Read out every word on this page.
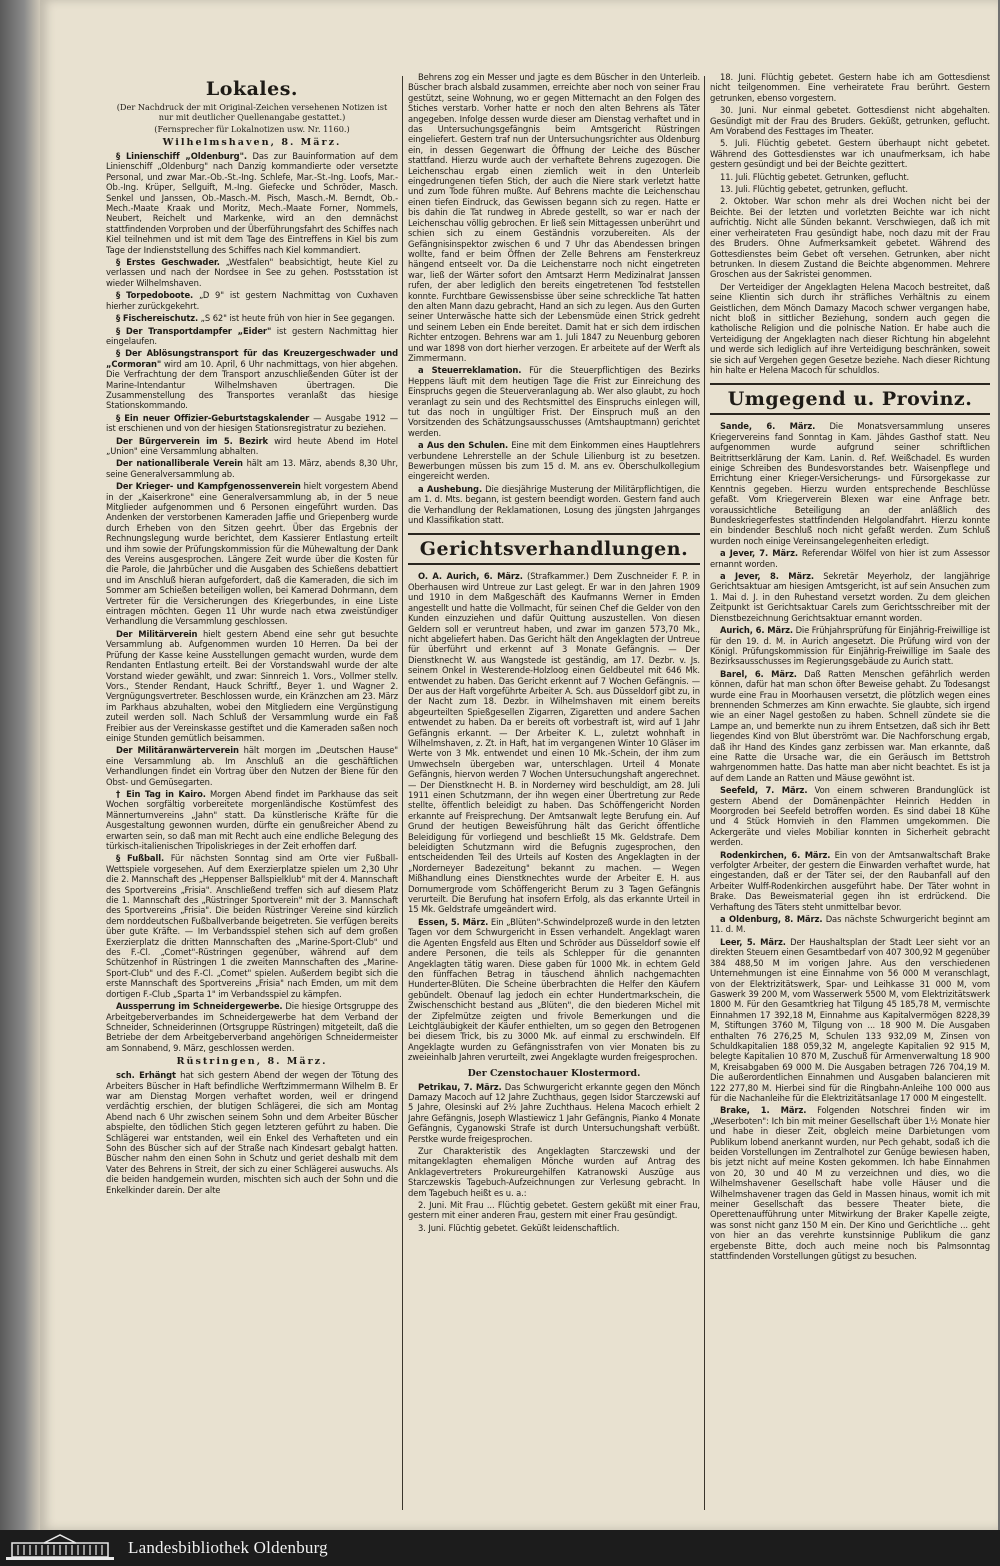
Lokales.
(Der Nachdruck der mit Original-Zeichen versehenen Notizen ist nur mit deutlicher Quellenangabe gestattet.)
(Fernsprecher für Lokalnotizen usw. Nr. 1160.)
Wilhelmshaven, 8. März.
§ Linienschiff „Oldenburg". Das zur Bauinformation auf dem Linienschiff „Oldenburg" nach Danzig kommandierte oder versetzte Personal, und zwar Mar.-Ob.-St.-Ing. Schlefe, Mar.-St.-Ing. Loofs, Mar.-Ob.-Ing. Krüper, Sellguift, M.-Ing. Giefecke und Schröder, Masch. Senkel und Janssen, Ob.-Masch.-M. Pisch, Masch.-M. Berndt, Ob.-Mech.-Maate Kraak und Moritz, Mech.-Maate Forner, Nommels, Neubert, Reichelt und Markenke, wird an den demnächst stattfindenden Vorproben und der Überführungsfahrt des Schiffes nach Kiel teilnehmen und ist mit dem Tage des Eintreffens in Kiel bis zum Tage der Indienststellung des Schiffes nach Kiel kommandiert.
§ Erstes Geschwader. „Westfalen" beabsichtigt, heute Kiel zu verlassen und nach der Nordsee in See zu gehen. Postsstation ist wieder Wilhelmshaven.
§ Torpedoboote. „D 9" ist gestern Nachmittag von Cuxhaven hierher zurückgekehrt.
§ Fischereischutz. „S 62" ist heute früh von hier in See gegangen.
§ Der Transportdampfer „Eider" ist gestern Nachmittag hier eingelaufen.
§ Der Ablösungstransport für das Kreuzergeschwader und „Cormoran" wird am 10. April, 6 Uhr nachmittags, von hier abgehen. Die Verfrachtung der dem Transport anzuschließenden Güter ist der Marine-Intendantur Wilhelmshaven übertragen. Die Zusammenstellung des Transportes veranlaßt das hiesige Stationskommando.
§ Ein neuer Offizier-Geburtstagskalender — Ausgabe 1912 — ist erschienen und von der hiesigen Stationsregistratur zu beziehen.
Der Bürgerverein im 5. Bezirk wird heute Abend im Hotel „Union" eine Versammlung abhalten.
Der nationalliberale Verein hält am 13. März, abends 8,30 Uhr, seine Generalversammlung ab.
Der Krieger- und Kampfgenossenverein hielt vorgestern Abend in der „Kaiserkrone" eine Generalversammlung ab, in der 5 neue Mitglieder aufgenommen und 6 Personen eingeführt wurden. Das Andenken der verstorbenen Kameraden Jaffie und Griepenberg wurde durch Erheben von den Sitzen geehrt. Über das Ergebnis der Rechnungslegung wurde berichtet, dem Kassierer Entlastung erteilt und ihm sowie der Prüfungskommission für die Mühewaltung der Dank des Vereins ausgesprochen. Längere Zeit wurde über die Kosten für die Parole, die Jahrbücher und die Ausgaben des Schießens debattiert und im Anschluß hieran aufgefordert, daß die Kameraden, die sich im Sommer am Schießen beteiligen wollen, bei Kamerad Dohrmann, dem Vertreter für die Versicherungen des Kriegerbundes, in eine Liste eintragen möchten. Gegen 11 Uhr wurde nach etwa zweistündiger Verhandlung die Versammlung geschlossen.
Der Militärverein hielt gestern Abend eine sehr gut besuchte Versammlung ab. Aufgenommen wurden 10 Herren. Da bei der Prüfung der Kasse keine Ausstellungen gemacht wurden, wurde dem Rendanten Entlastung erteilt. Bei der Vorstandswahl wurde der alte Vorstand wieder gewählt, und zwar: Sinnreich 1. Vors., Vollmer stellv. Vors., Stender Rendant, Hauck Schriftf., Beyer 1. und Wagner 2. Vergnügungsvertreter. Beschlossen wurde, ein Kränzchen am 23. März im Parkhaus abzuhalten, wobei den Mitgliedern eine Vergünstigung zuteil werden soll. Nach Schluß der Versammlung wurde ein Faß Freibier aus der Vereinskasse gestiftet und die Kameraden saßen noch einige Stunden gemütlich beisammen.
Der Militäranwärterverein hält morgen im „Deutschen Hause" eine Versammlung ab. Im Anschluß an die geschäftlichen Verhandlungen findet ein Vortrag über den Nutzen der Biene für den Obst- und Gemüsegarten.
† Ein Tag in Kairo. Morgen Abend findet im Parkhause das seit Wochen sorgfältig vorbereitete morgenländische Kostümfest des Männerturnvereins „Jahn" statt. Da künstlerische Kräfte für die Ausgestaltung gewonnen wurden, dürfte ein genußreicher Abend zu erwarten sein, so daß man mit Recht auch eine endliche Belegung des türkisch-italienischen Tripoliskrieges in der Zeit erhoffen darf.
§ Fußball. Für nächsten Sonntag sind am Orte vier Fußball-Wettspiele vorgesehen. Auf dem Exerzierplatze spielen um 2,30 Uhr die 2. Mannschaft des „Heppenser Ballspielklub" mit der 4. Mannschaft des Sportvereins „Frisia". Anschließend treffen sich auf diesem Platz die 1. Mannschaft des „Rüstringer Sportverein" mit der 3. Mannschaft des Sportvereins „Frisia". Die beiden Rüstringer Vereine sind kürzlich dem norddeutschen Fußballverbande beigetreten. Sie verfügen bereits über gute Kräfte. — Im Verbandsspiel stehen sich auf dem großen Exerzierplatz die dritten Mannschaften des „Marine-Sport-Club" und des F.-Cl. „Comet"-Rüstringen gegenüber, während auf dem Schützenhof in Rüstringen 1 die zweiten Mannschaften des „Marine-Sport-Club" und des F.-Cl. „Comet" spielen. Außerdem begibt sich die erste Mannschaft des Sportvereins „Frisia" nach Emden, um mit dem dortigen F.-Club „Sparta 1" im Verbandsspiel zu kämpfen.
Aussperrung im Schneidergewerbe. Die hiesige Ortsgruppe des Arbeitgeberverbandes im Schneidergewerbe hat dem Verband der Schneider, Schneiderinnen (Ortsgruppe Rüstringen) mitgeteilt, daß die Betriebe der dem Arbeitgeberverband angehörigen Schneidermeister am Sonnabend, 9. März, geschlossen werden.
Rüstringen, 8. März.
sch. Erhängt hat sich gestern Abend der wegen der Tötung des Arbeiters Büscher in Haft befindliche Werftzimmermann Wilhelm B. Er war am Dienstag Morgen verhaftet worden, weil er dringend verdächtig erschien, der blutigen Schlägerei, die sich am Montag Abend nach 6 Uhr zwischen seinem Sohn und dem Arbeiter Büscher abspielte, den tödlichen Stich gegen letzteren geführt zu haben. Die Schlägerei war entstanden, weil ein Enkel des Verhafteten und ein Sohn des Büscher sich auf der Straße nach Kindesart gebalgt hatten. Büscher nahm den einen Sohn in Schutz und geriet deshalb mit dem Vater des Behrens in Streit, der sich zu einer Schlägerei auswuchs. Als die beiden handgemein wurden, mischten sich auch der Sohn und die Enkelkinder darein. Der alte
Behrens zog ein Messer und jagte es dem Büscher in den Unterleib. Büscher brach alsbald zusammen, erreichte aber noch von seiner Frau gestützt, seine Wohnung, wo er gegen Mitternacht an den Folgen des Stiches verstarb. Vorher hatte er noch den alten Behrens als Täter angegeben. Infolge dessen wurde dieser am Dienstag verhaftet und in das Untersuchungsgefängnis beim Amtsgericht Rüstringen eingeliefert. Gestern traf nun der Untersuchungsrichter aus Oldenburg ein, in dessen Gegenwart die Öffnung der Leiche des Büscher stattfand. Hierzu wurde auch der verhaftete Behrens zugezogen. Die Leichenschau ergab einen ziemlich weit in den Unterleib eingedrungenen tiefen Stich, der auch die Niere stark verletzt hatte und zum Tode führen mußte. Auf Behrens machte die Leichenschau einen tiefen Eindruck, das Gewissen begann sich zu regen. Hatte er bis dahin die Tat rundweg in Abrede gestellt, so war er nach der Leichenschau völlig gebrochen. Er ließ sein Mittagessen unberührt und schien sich zu einem Geständnis vorzubereiten. Als der Gefängnisinspektor zwischen 6 und 7 Uhr das Abendessen bringen wollte, fand er beim Öffnen der Zelle Behrens am Fensterkreuz hängend entseelt vor. Da die Leichenstarre noch nicht eingetreten war, ließ der Wärter sofort den Amtsarzt Herrn Medizinalrat Janssen rufen, der aber lediglich den bereits eingetretenen Tod feststellen konnte. Furchtbare Gewissensbisse über seine schreckliche Tat hatten den alten Mann dazu gebracht, Hand an sich zu legen. Aus den Gurten seiner Unterwäsche hatte sich der Lebensmüde einen Strick gedreht und seinem Leben ein Ende bereitet. Damit hat er sich dem irdischen Richter entzogen. Behrens war am 1. Juli 1847 zu Neuenburg geboren und war 1898 von dort hierher verzogen. Er arbeitete auf der Werft als Zimmermann.
a Steuerreklamation. Für die Steuerpflichtigen des Bezirks Heppens läuft mit dem heutigen Tage die Frist zur Einreichung des Einspruchs gegen die Steuerveranlagung ab. Wer also glaubt, zu hoch veranlagt zu sein und des Rechtsmittel des Einspruchs einlegen will, tut das noch in ungültiger Frist. Der Einspruch muß an den Vorsitzenden des Schätzungsausschusses (Amtshauptmann) gerichtet werden.
a Aus den Schulen. Eine mit dem Einkommen eines Hauptlehrers verbundene Lehrerstelle an der Schule Lilienburg ist zu besetzen. Bewerbungen müssen bis zum 15 d. M. ans ev. Oberschulkollegium eingereicht werden.
a Aushebung. Die diesjährige Musterung der Militärpflichtigen, die am 1. d. Mts. begann, ist gestern beendigt worden. Gestern fand auch die Verhandlung der Reklamationen, Losung des jüngsten Jahrganges und Klassifikation statt.
Gerichtsverhandlungen.
O. A. Aurich, 6. März. (Strafkammer.) Dem Zuschneider F. P. in Oberhausen wird Untreue zur Last gelegt. Er war in den Jahren 1909 und 1910 in dem Maßgeschäft des Kaufmanns Werner in Emden angestellt und hatte die Vollmacht, für seinen Chef die Gelder von den Kunden einzuziehen und dafür Quittung auszustellen. Von diesen Geldern soll er veruntreut haben, und zwar im ganzen 573,70 Mk., nicht abgeliefert haben. Das Gericht hält den Angeklagten der Untreue für überführt und erkennt auf 3 Monate Gefängnis. — Der Dienstknecht W. aus Wangstede ist geständig, am 17. Dezbr. v. Js. seinem Onkel in Westerende-Holzloog einen Geldbeutel mit 646 Mk. entwendet zu haben. Das Gericht erkennt auf 7 Wochen Gefängnis. — Der aus der Haft vorgeführte Arbeiter A. Sch. aus Düsseldorf gibt zu, in der Nacht zum 18. Dezbr. in Wilhelmshaven mit einem bereits abgeurteilten Spießgesellen Zigarren, Zigaretten und andere Sachen entwendet zu haben. Da er bereits oft vorbestraft ist, wird auf 1 Jahr Gefängnis erkannt. — Der Arbeiter K. L., zuletzt wohnhaft in Wilhelmshaven, z. Zt. in Haft, hat im vergangenen Winter 10 Gläser im Werte von 3 Mk. entwendet und einen 10 Mk.-Schein, der ihm zum Umwechseln übergeben war, unterschlagen. Urteil 4 Monate Gefängnis, hiervon werden 7 Wochen Untersuchungshaft angerechnet. — Der Dienstknecht H. B. in Norderney wird beschuldigt, am 28. Juli 1911 einen Schutzmann, der ihn wegen einer Übertretung zur Rede stellte, öffentlich beleidigt zu haben. Das Schöffengericht Norden erkannte auf Freisprechung. Der Amtsanwalt legte Berufung ein. Auf Grund der heutigen Beweisführung hält das Gericht öffentliche Beleidigung für vorliegend und beschließt 15 Mk. Geldstrafe. Dem beleidigten Schutzmann wird die Befugnis zugesprochen, den entscheidenden Teil des Urteils auf Kosten des Angeklagten in der „Norderneyer Badezeitung" bekannt zu machen. — Wegen Mißhandlung eines Dienstknechtes wurde der Arbeiter E. H. aus Dornumergrode vom Schöffengericht Berum zu 3 Tagen Gefängnis verurteilt. Die Berufung hat insofern Erfolg, als das erkannte Urteil in 15 Mk. Geldstrafe umgeändert wird.
Essen, 5. März. Ein „Blüten"-Schwindelprozeß wurde in den letzten Tagen vor dem Schwurgericht in Essen verhandelt. Angeklagt waren die Agenten Engsfeld aus Elten und Schröder aus Düsseldorf sowie elf andere Personen, die teils als Schlepper für die genannten Angeklagten tätig waren. Diese gaben für 1000 Mk. in echtem Geld den fünffachen Betrag in täuschend ähnlich nachgemachten Hunderter-Blüten. Die Scheine überbrachten die Helfer den Käufern gebündelt. Obenauf lag jedoch ein echter Hundertmarkschein, die Zwischenschicht bestand aus „Blüten", die den biederen Michel mit der Zipfelmütze zeigten und frivole Bemerkungen und die Leichtgläubigkeit der Käufer enthielten, um so gegen den Betrogenen bei diesem Trick, bis zu 3000 Mk. auf einmal zu erschwindeln. Elf Angeklagte wurden zu Gefängnisstrafen von vier Monaten bis zu zweieinhalb Jahren verurteilt, zwei Angeklagte wurden freigesprochen.
Der Czenstochauer Klostermord.
Petrikau, 7. März. Das Schwurgericht erkannte gegen den Mönch Damazy Macoch auf 12 Jahre Zuchthaus, gegen Isidor Starczewski auf 5 Jahre, Olesinski auf 2½ Jahre Zuchthaus. Helena Macoch erhielt 2 Jahre Gefängnis, Joseph Wlastiewicz 1 Jahr Gefängnis, Pianko 4 Monate Gefängnis, Cyganowski Strafe ist durch Untersuchungshaft verbüßt. Perstke wurde freigesprochen.
Zur Charakteristik des Angeklagten Starczewski und der mitangeklagten ehemaligen Mönche wurden auf Antrag des Anklagevertreters Prokureurgehilfen Katranowski Auszüge aus Starczewskis Tagebuch-Aufzeichnungen zur Verlesung gebracht. In dem Tagebuch heißt es u. a.:
2. Juni. Mit Frau ... Flüchtig gebetet. Gestern geküßt mit einer Frau, gestern mit einer anderen Frau, gestern mit einer Frau gesündigt.
3. Juni. Flüchtig gebetet. Geküßt leidenschaftlich.
18. Juni. Flüchtig gebetet. Gestern habe ich am Gottesdienst nicht teilgenommen. Eine verheiratete Frau berührt. Gestern getrunken, ebenso vorgestern.
30. Juni. Nur einmal gebetet. Gottesdienst nicht abgehalten. Gesündigt mit der Frau des Bruders. Geküßt, getrunken, geflucht. Am Vorabend des Festtages im Theater.
5. Juli. Flüchtig gebetet. Gestern überhaupt nicht gebetet. Während des Gottesdienstes war ich unaufmerksam, ich habe gestern gesündigt und bei der Beichte gezittert.
11. Juli. Flüchtig gebetet. Getrunken, geflucht.
13. Juli. Flüchtig gebetet, getrunken, geflucht.
2. Oktober. War schon mehr als drei Wochen nicht bei der Beichte. Bei der letzten und vorletzten Beichte war ich nicht aufrichtig. Nicht alle Sünden bekannt. Verschwiegen, daß ich mit einer verheirateten Frau gesündigt habe, noch dazu mit der Frau des Bruders. Ohne Aufmerksamkeit gebetet. Während des Gottesdienstes beim Gebet oft versehen. Getrunken, aber nicht betrunken. In diesem Zustand die Beichte abgenommen. Mehrere Groschen aus der Sakristei genommen.
Der Verteidiger der Angeklagten Helena Macoch bestreitet, daß seine Klientin sich durch ihr sträfliches Verhältnis zu einem Geistlichen, dem Mönch Damazy Macoch schwer vergangen habe, nicht bloß in sittlicher Beziehung, sondern auch gegen die katholische Religion und die polnische Nation. Er habe auch die Verteidigung der Angeklagten nach dieser Richtung hin abgelehnt und werde sich lediglich auf ihre Verteidigung beschränken, soweit sie sich auf Vergehen gegen Gesetze beziehe. Nach dieser Richtung hin halte er Helena Macoch für schuldlos.
Umgegend u. Provinz.
Sande, 6. März. Die Monatsversammlung unseres Kriegervereins fand Sonntag in Kam. Jähdes Gasthof statt. Neu aufgenommen wurde aufgrund seiner schriftlichen Beitrittserklärung der Kam. Lanin. d. Ref. Weißchadel. Es wurden einige Schreiben des Bundesvorstandes betr. Waisenpflege und Errichtung einer Krieger-Versicherungs- und Fürsorgekasse zur Kenntnis gegeben. Hierzu wurden entsprechende Beschlüsse gefaßt. Vom Kriegerverein Blexen war eine Anfrage betr. voraussichtliche Beteiligung an der anläßlich des Bundeskriegerfestes stattfindenden Helgolandfahrt. Hierzu konnte ein bindender Beschluß noch nicht gefaßt werden. Zum Schluß wurden noch einige Vereinsangelegenheiten erledigt.
a Jever, 7. März. Referendar Wölfel von hier ist zum Assessor ernannt worden.
a Jever, 8. März. Sekretär Meyerholz, der langjährige Gerichtsaktuar am hiesigen Amtsgericht, ist auf sein Ansuchen zum 1. Mai d. J. in den Ruhestand versetzt worden. Zu dem gleichen Zeitpunkt ist Gerichtsaktuar Carels zum Gerichtsschreiber mit der Dienstbezeichnung Gerichtsaktuar ernannt worden.
Aurich, 6. März. Die Frühjahrsprüfung für Einjährig-Freiwillige ist für den 19. d. M. in Aurich angesetzt. Die Prüfung wird von der Königl. Prüfungskommission für Einjährig-Freiwillige im Saale des Bezirksausschusses im Regierungsgebäude zu Aurich statt.
Barel, 6. März. Daß Ratten Menschen gefährlich werden können, dafür hat man schon öfter Beweise gehabt. Zu Todesangst wurde eine Frau in Moorhausen versetzt, die plötzlich wegen eines brennenden Schmerzes am Kinn erwachte. Sie glaubte, sich irgend wie an einer Nagel gestoßen zu haben. Schnell zündete sie die Lampe an, und bemerkte nun zu ihrem Entsetzen, daß sich ihr Bett liegendes Kind von Blut überströmt war. Die Nachforschung ergab, daß ihr Hand des Kindes ganz zerbissen war. Man erkannte, daß eine Ratte die Ursache war, die ein Geräusch im Bettstroh wahrgenommen hatte. Das hatte man aber nicht beachtet. Es ist ja auf dem Lande an Ratten und Mäuse gewöhnt ist.
Seefeld, 7. März. Von einem schweren Brandunglück ist gestern Abend der Domänenpächter Heinrich Hedden in Moorgroden bei Seefeld betroffen worden. Es sind dabei 18 Kühe und 4 Stück Hornvieh in den Flammen umgekommen. Die Ackergeräte und vieles Mobiliar konnten in Sicherheit gebracht werden.
Rodenkirchen, 6. März. Ein von der Amtsanwaltschaft Brake verfolgter Arbeiter, der gestern die Einwarden verhaftet wurde, hat eingestanden, daß er der Täter sei, der den Raubanfall auf den Arbeiter Wulff-Rodenkirchen ausgeführt habe. Der Täter wohnt in Brake. Das Beweismaterial gegen ihn ist erdrückend. Die Verhaftung des Täters steht unmittelbar bevor.
a Oldenburg, 8. März. Das nächste Schwurgericht beginnt am 11. d. M.
Leer, 5. März. Der Haushaltsplan der Stadt Leer sieht vor an direkten Steuern einen Gesamtbedarf von 407 300,92 M gegenüber 384 488,50 M im vorigen Jahre. Aus den verschiedenen Unternehmungen ist eine Einnahme von 56 000 M veranschlagt, von der Elektrizitätswerk, Spar- und Leihkasse 31 000 M, vom Gaswerk 39 200 M, vom Wasserwerk 5500 M, vom Elektrizitätswerk 1800 M. Für den Gesamtkrieg hat Tilgung 45 185,78 M, vermischte Einnahmen 17 392,18 M, Einnahme aus Kapitalvermögen 8228,39 M, Stiftungen 3760 M, Tilgung von ... 18 900 M. Die Ausgaben enthalten 76 276,25 M, Schulen 133 932,09 M, Zinsen von Schuldkapitalien 188 059,32 M, angelegte Kapitalien 92 915 M, belegte Kapitalien 10 870 M, Zuschuß für Armenverwaltung 18 900 M, Kreisabgaben 69 000 M. Die Ausgaben betragen 726 704,19 M. Die außerordentlichen Einnahmen und Ausgaben balancieren mit 122 277,80 M. Hierbei sind für die Ringbahn-Anleihe 100 000 aus für die Nachanleihe für die Elektrizitätsanlage 17 000 M eingestellt.
Brake, 1. März. Folgenden Notschrei finden wir im „Weserboten": Ich bin mit meiner Gesellschaft über 1½ Monate hier und habe in dieser Zeit, obgleich meine Darbietungen vom Publikum lobend anerkannt wurden, nur Pech gehabt, sodaß ich die beiden Vorstellungen im Zentralhotel zur Genüge bewiesen haben, bis jetzt nicht auf meine Kosten gekommen. Ich habe Einnahmen von 20, 30 und 40 M zu verzeichnen und dies, wo die Wilhelmshavener Gesellschaft habe volle Häuser und die Wilhelmshavener tragen das Geld in Massen hinaus, womit ich mit meiner Gesellschaft das bessere Theater biete, die Operettenaufführung unter Mitwirkung der Braker Kapelle zeigte, was sonst nicht ganz 150 M ein. Der Kino und Gerichtliche ... geht von hier an das verehrte kunstsinnige Publikum die ganz ergebenste Bitte, doch auch meine noch bis Palmsonntag stattfindenden Vorstellungen gütigst zu besuchen.
Landesbibliothek Oldenburg
